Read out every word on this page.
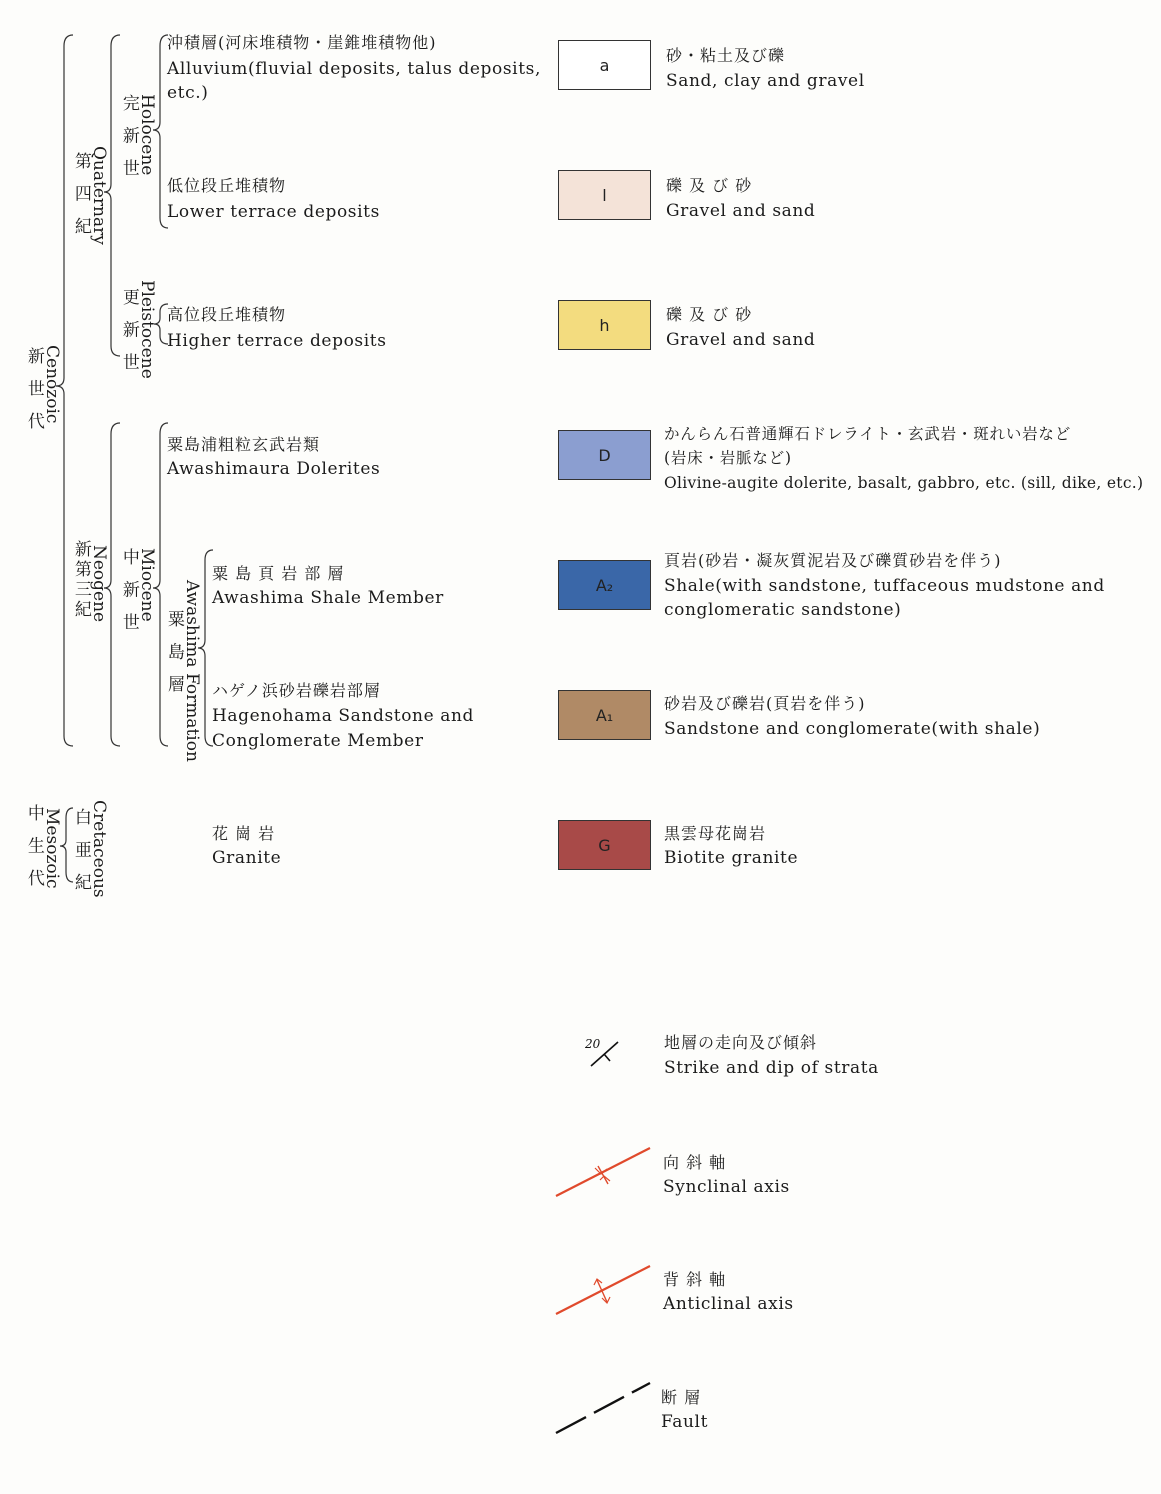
新 世 代
Cenozoic
第 四 紀
Quaternary
完 新 世
Holocene
更 新 世
Pleistocene
新第三紀
Neogene 中 新 世
Miocene
粟 島 層
Awashima Formation
中 生 代
Mesozoic 白 亜 紀
Cretaceous
沖積層(河床堆積物・崖錐堆積物他)
Alluvium(fluvial deposits, talus deposits,
etc.)
低位段丘堆積物
Lower terrace deposits
高位段丘堆積物
Higher terrace deposits
粟島浦粗粒玄武岩類
Awashimaura Dolerites
粟 島 頁 岩 部 層
Awashima Shale Member
ハゲノ浜砂岩礫岩部層
Hagenohama Sandstone and
Conglomerate Member
花 崗 岩
Granite
a
l
h
D
A₂
A₁
G
砂・粘土及び礫
Sand, clay and gravel
礫 及 び 砂
Gravel and sand
礫 及 び 砂
Gravel and sand
かんらん石普通輝石ドレライト・玄武岩・斑れい岩など
(岩床・岩脈など)
Olivine-augite dolerite, basalt, gabbro, etc. (sill, dike, etc.)
頁岩(砂岩・凝灰質泥岩及び礫質砂岩を伴う)
Shale(with sandstone, tuffaceous mudstone and
conglomeratic sandstone)
砂岩及び礫岩(頁岩を伴う)
Sandstone and conglomerate(with shale)
黒雲母花崗岩
Biotite granite
20	地層の走向及び傾斜
Strike and dip of strata
向 斜 軸
Synclinal axis
背 斜 軸
Anticlinal axis
断 層
Fault
